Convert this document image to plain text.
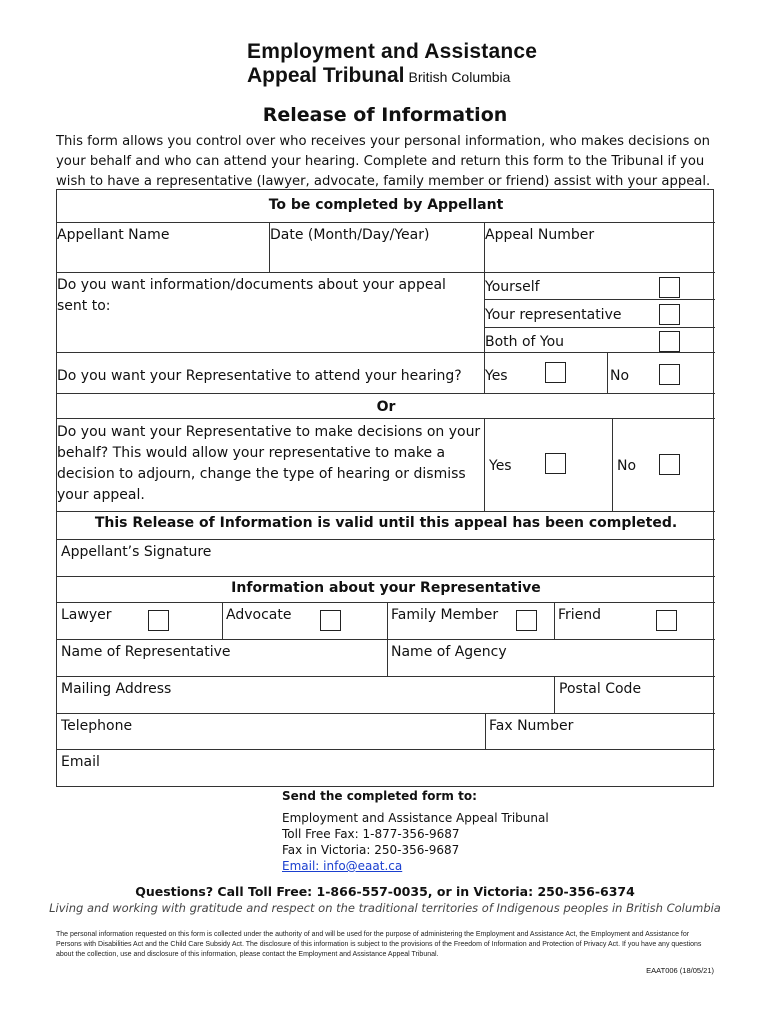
Employment and Assistance
Appeal Tribunal British Columbia
Release of Information
This form allows you control over who receives your personal information, who makes decisions on your behalf and who can attend your hearing. Complete and return this form to the Tribunal if you wish to have a representative (lawyer, advocate, family member or friend) assist with your appeal.
To be completed by Appellant
Appellant Name	Date (Month/Day/Year)	Appeal Number
Do you want information/documents about your appeal sent to:
Yourself
Your representative
Both of You
Do you want your Representative to attend your hearing? Yes	No
Or
Do you want your Representative to make decisions on your behalf? This would allow your representative to make a decision to adjourn, change the type of hearing or dismiss your appeal.
Yes	No
This Release of Information is valid until this appeal has been completed.
Appellant’s Signature
Information about your Representative
Lawyer	Advocate	Family Member	Friend
Name of Representative	Name of Agency
Mailing Address	Postal Code
Telephone	Fax Number
Email
Send the completed form to:
Employment and Assistance Appeal Tribunal
Toll Free Fax: 1-877-356-9687
Fax in Victoria: 250-356-9687
Email: info@eaat.ca
Questions? Call Toll Free: 1-866-557-0035, or in Victoria: 250-356-6374
Living and working with gratitude and respect on the traditional territories of Indigenous peoples in British Columbia
The personal information requested on this form is collected under the authority of and will be used for the purpose of administering the Employment and Assistance Act, the Employment and Assistance for Persons with Disabilities Act and the Child Care Subsidy Act. The disclosure of this information is subject to the provisions of the Freedom of Information and Protection of Privacy Act. If you have any questions about the collection, use and disclosure of this information, please contact the Employment and Assistance Appeal Tribunal.
EAAT006 (18/05/21)
